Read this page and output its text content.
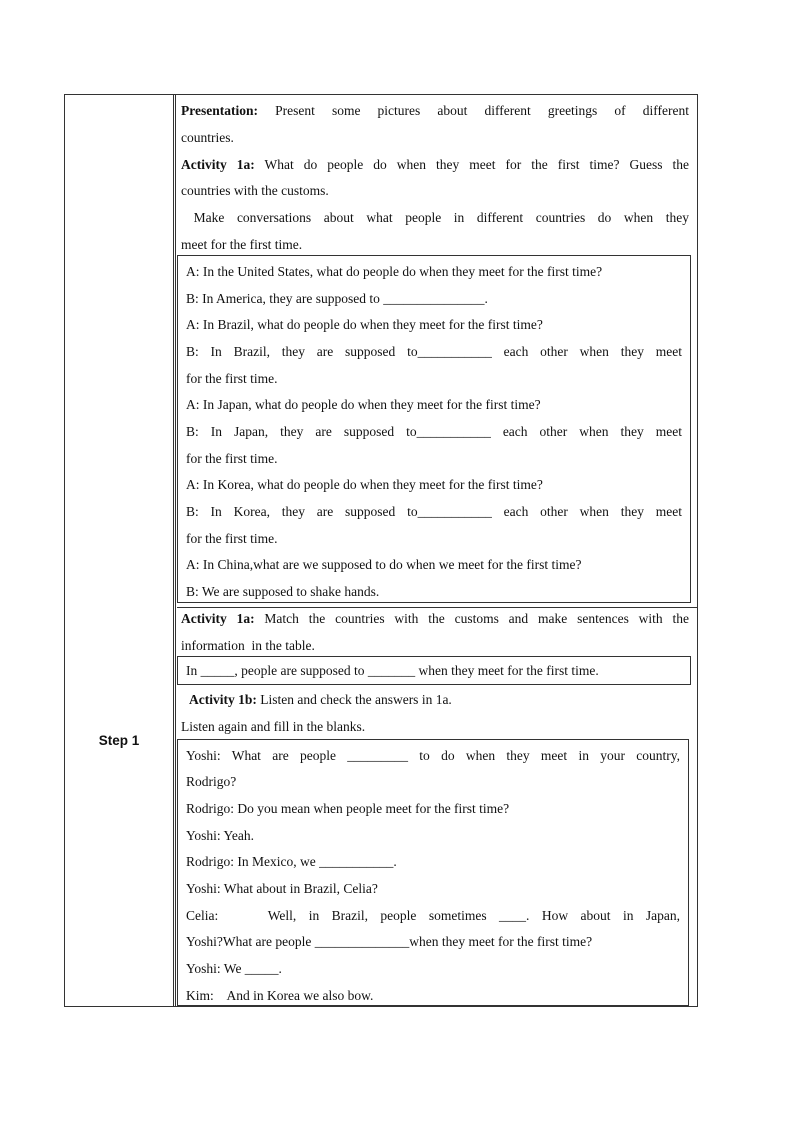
Step 1
Presentation: Present some pictures about different greetings of different
countries.
Activity 1a: What do people do when they meet for the first time? Guess the
countries with the customs.
Make conversations about what people in different countries do when they
meet for the first time.
A: In the United States, what do people do when they meet for the first time?
B: In America, they are supposed to _______________.
A: In Brazil, what do people do when they meet for the first time?
B: In Brazil, they are supposed to___________ each other when they meet
for the first time.
A: In Japan, what do people do when they meet for the first time?
B: In Japan, they are supposed to___________ each other when they meet
for the first time.
A: In Korea, what do people do when they meet for the first time?
B: In Korea, they are supposed to___________ each other when they meet
for the first time.
A: In China,what are we supposed to do when we meet for the first time?
B: We are supposed to shake hands.
Activity 1a: Match the countries with the customs and make sentences with the
information  in the table.
In _____, people are supposed to _______ when they meet for the first time.
Activity 1b: Listen and check the answers in 1a.
Listen again and fill in the blanks.
Yoshi: What are people _________ to do when they meet in your country,
Rodrigo?
Rodrigo: Do you mean when people meet for the first time?
Yoshi: Yeah.
Rodrigo: In Mexico, we ___________.
Yoshi: What about in Brazil, Celia?
Celia:    Well, in Brazil, people sometimes ____. How about in Japan,
Yoshi?What are people ______________when they meet for the first time?
Yoshi: We _____.
Kim:    And in Korea we also bow.
